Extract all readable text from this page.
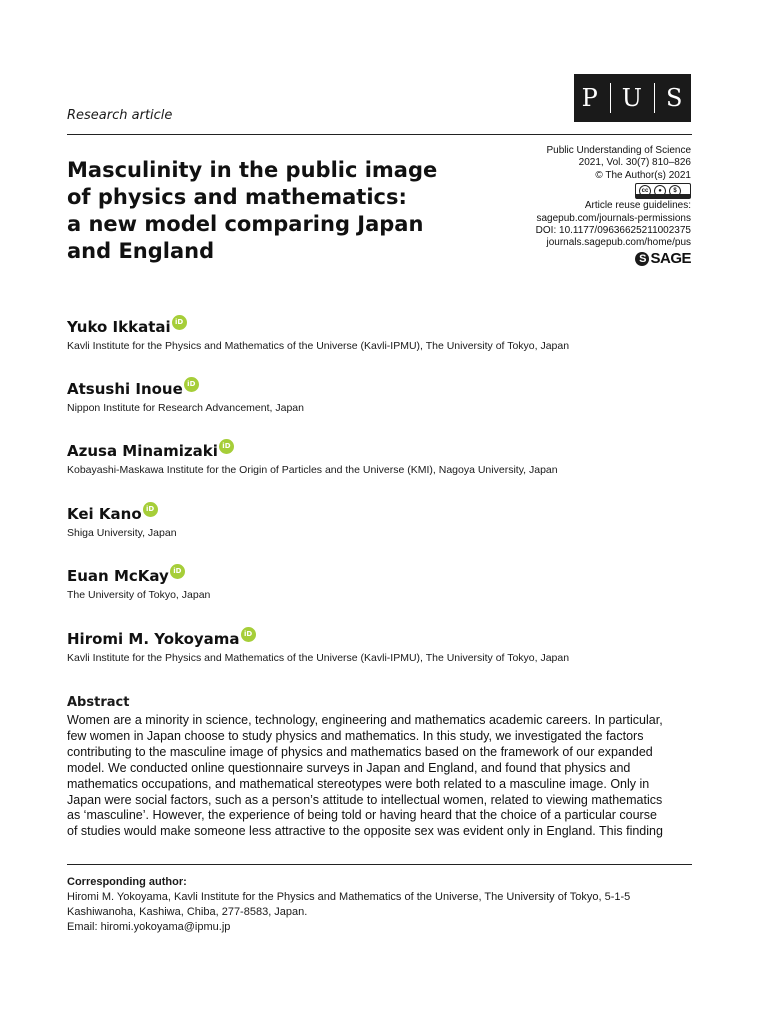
Research article
P U S
Masculinity in the public image
of physics and mathematics:
a new model comparing Japan
and England
Public Understanding of Science
2021, Vol. 30(7) 810–826
© The Author(s) 2021
cc	●	$
Article reuse guidelines:
sagepub.com/journals-permissions
DOI: 10.1177/09636625211002375
journals.sagepub.com/home/pus
S SAGE
Yuko Ikkatai iD
Kavli Institute for the Physics and Mathematics of the Universe (Kavli-IPMU), The University of Tokyo, Japan
Atsushi Inoue iD
Nippon Institute for Research Advancement, Japan
Azusa Minamizaki iD
Kobayashi-Maskawa Institute for the Origin of Particles and the Universe (KMI), Nagoya University, Japan
Kei Kano iD
Shiga University, Japan
Euan McKay iD
The University of Tokyo, Japan
Hiromi M. Yokoyama iD
Kavli Institute for the Physics and Mathematics of the Universe (Kavli-IPMU), The University of Tokyo, Japan
Abstract
Women are a minority in science, technology, engineering and mathematics academic careers. In particular,
few women in Japan choose to study physics and mathematics. In this study, we investigated the factors
contributing to the masculine image of physics and mathematics based on the framework of our expanded
model. We conducted online questionnaire surveys in Japan and England, and found that physics and
mathematics occupations, and mathematical stereotypes were both related to a masculine image. Only in
Japan were social factors, such as a person’s attitude to intellectual women, related to viewing mathematics
as ‘masculine’. However, the experience of being told or having heard that the choice of a particular course
of studies would make someone less attractive to the opposite sex was evident only in England. This finding
Corresponding author:
Hiromi M. Yokoyama, Kavli Institute for the Physics and Mathematics of the Universe, The University of Tokyo, 5-1-5
Kashiwanoha, Kashiwa, Chiba, 277-8583, Japan.
Email: hiromi.yokoyama@ipmu.jp
